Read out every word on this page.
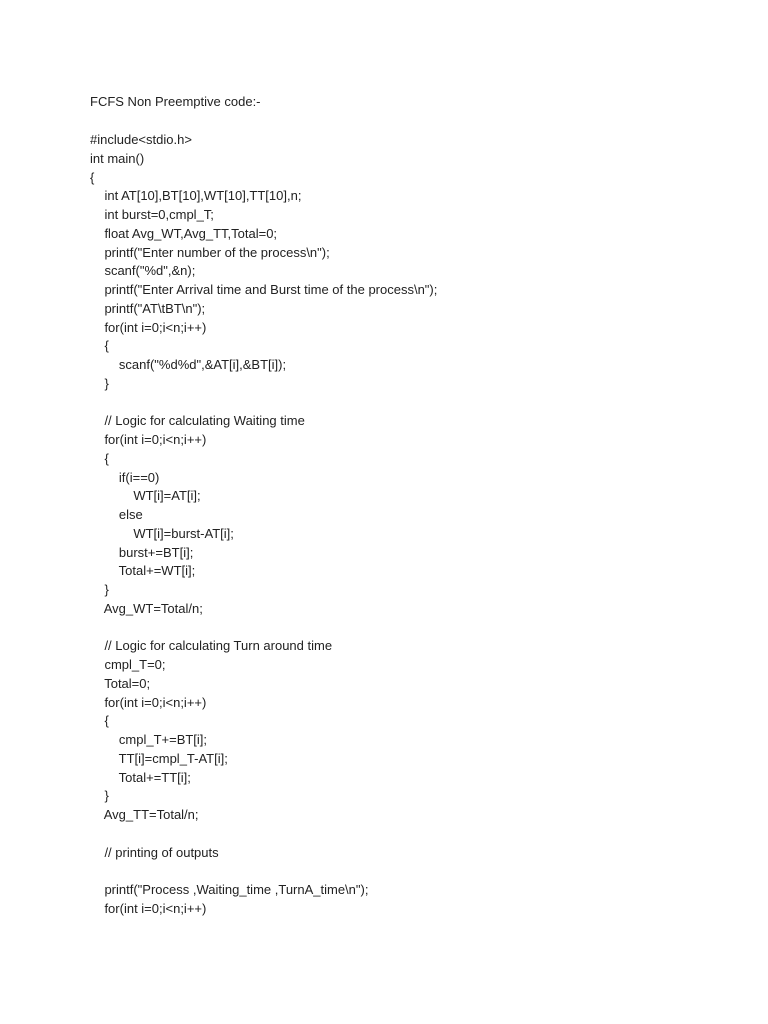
FCFS Non Preemptive code:-
#include<stdio.h>
int main()
{
int AT[10],BT[10],WT[10],TT[10],n;
int burst=0,cmpl_T;
float Avg_WT,Avg_TT,Total=0;
printf("Enter number of the process\n");
scanf("%d",&n);
printf("Enter Arrival time and Burst time of the process\n");
printf("AT\tBT\n");
for(int i=0;i<n;i++)
{
scanf("%d%d",&AT[i],&BT[i]);
}
// Logic for calculating Waiting time
for(int i=0;i<n;i++)
{
if(i==0)
WT[i]=AT[i];
else
WT[i]=burst-AT[i];
burst+=BT[i];
Total+=WT[i];
}
Avg_WT=Total/n;
// Logic for calculating Turn around time
cmpl_T=0;
Total=0;
for(int i=0;i<n;i++)
{
cmpl_T+=BT[i];
TT[i]=cmpl_T-AT[i];
Total+=TT[i];
}
Avg_TT=Total/n;
// printing of outputs
printf("Process ,Waiting_time ,TurnA_time\n");
for(int i=0;i<n;i++)
